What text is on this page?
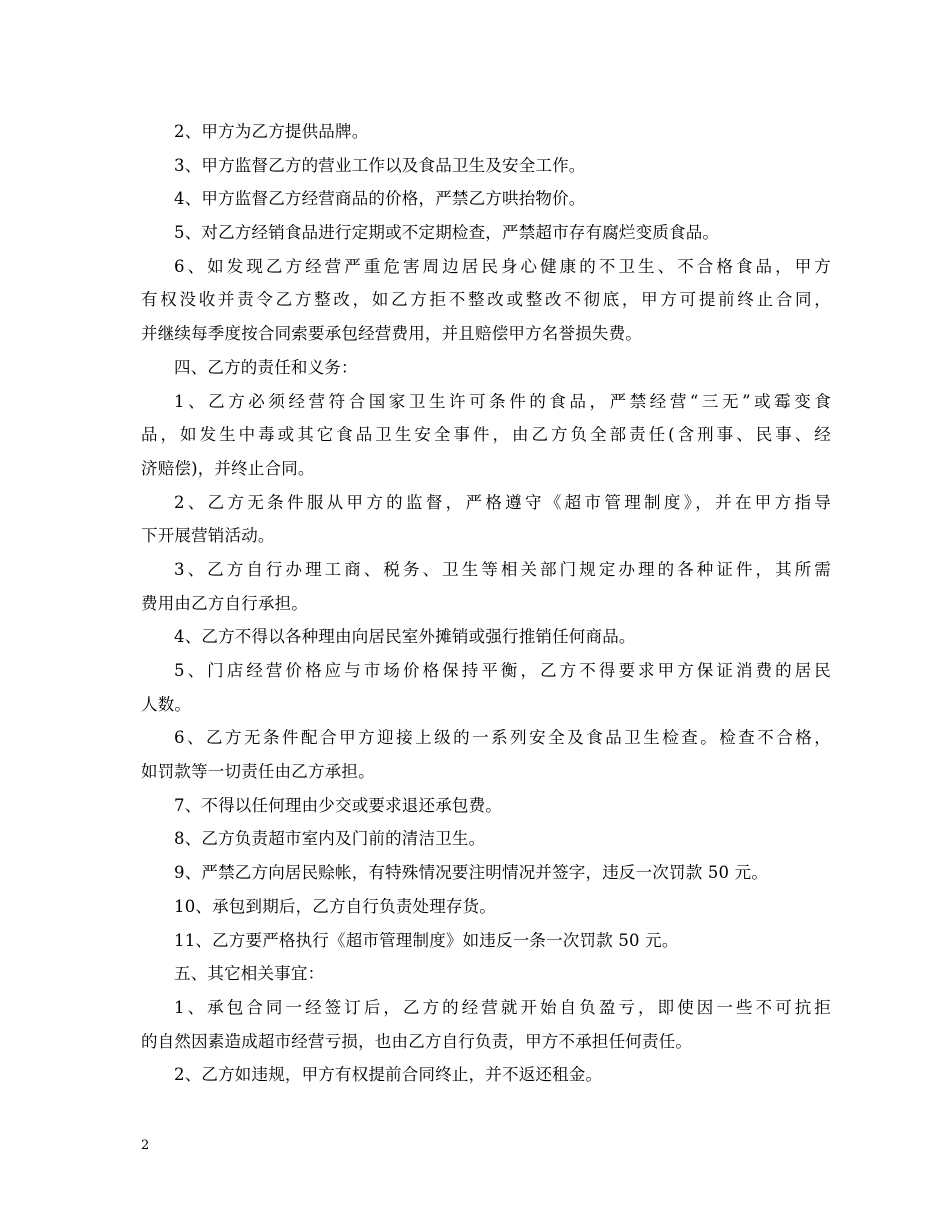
2、甲方为乙方提供品牌。
3、甲方监督乙方的营业工作以及食品卫生及安全工作。
4、甲方监督乙方经营商品的价格，严禁乙方哄抬物价。
5、对乙方经销食品进行定期或不定期检查，严禁超市存有腐烂变质食品。
6、如发现乙方经营严重危害周边居民身心健康的不卫生、不合格食品，甲方
有权没收并责令乙方整改，如乙方拒不整改或整改不彻底，甲方可提前终止合同，
并继续每季度按合同索要承包经营费用，并且赔偿甲方名誉损失费。
四、乙方的责任和义务：
1、乙方必须经营符合国家卫生许可条件的食品，严禁经营“三无”或霉变食
品，如发生中毒或其它食品卫生安全事件，由乙方负全部责任(含刑事、民事、经
济赔偿)，并终止合同。
2、乙方无条件服从甲方的监督，严格遵守《超市管理制度》，并在甲方指导
下开展营销活动。
3、乙方自行办理工商、税务、卫生等相关部门规定办理的各种证件，其所需
费用由乙方自行承担。
4、乙方不得以各种理由向居民室外摊销或强行推销任何商品。
5、门店经营价格应与市场价格保持平衡，乙方不得要求甲方保证消费的居民
人数。
6、乙方无条件配合甲方迎接上级的一系列安全及食品卫生检查。检查不合格，
如罚款等一切责任由乙方承担。
7、不得以任何理由少交或要求退还承包费。
8、乙方负责超市室内及门前的清洁卫生。
9、严禁乙方向居民赊帐，有特殊情况要注明情况并签字，违反一次罚款 50 元。
10、承包到期后，乙方自行负责处理存货。
11、乙方要严格执行《超市管理制度》如违反一条一次罚款 50 元。
五、其它相关事宜：
1、承包合同一经签订后，乙方的经营就开始自负盈亏，即使因一些不可抗拒
的自然因素造成超市经营亏损，也由乙方自行负责，甲方不承担任何责任。
2、乙方如违规，甲方有权提前合同终止，并不返还租金。
2
